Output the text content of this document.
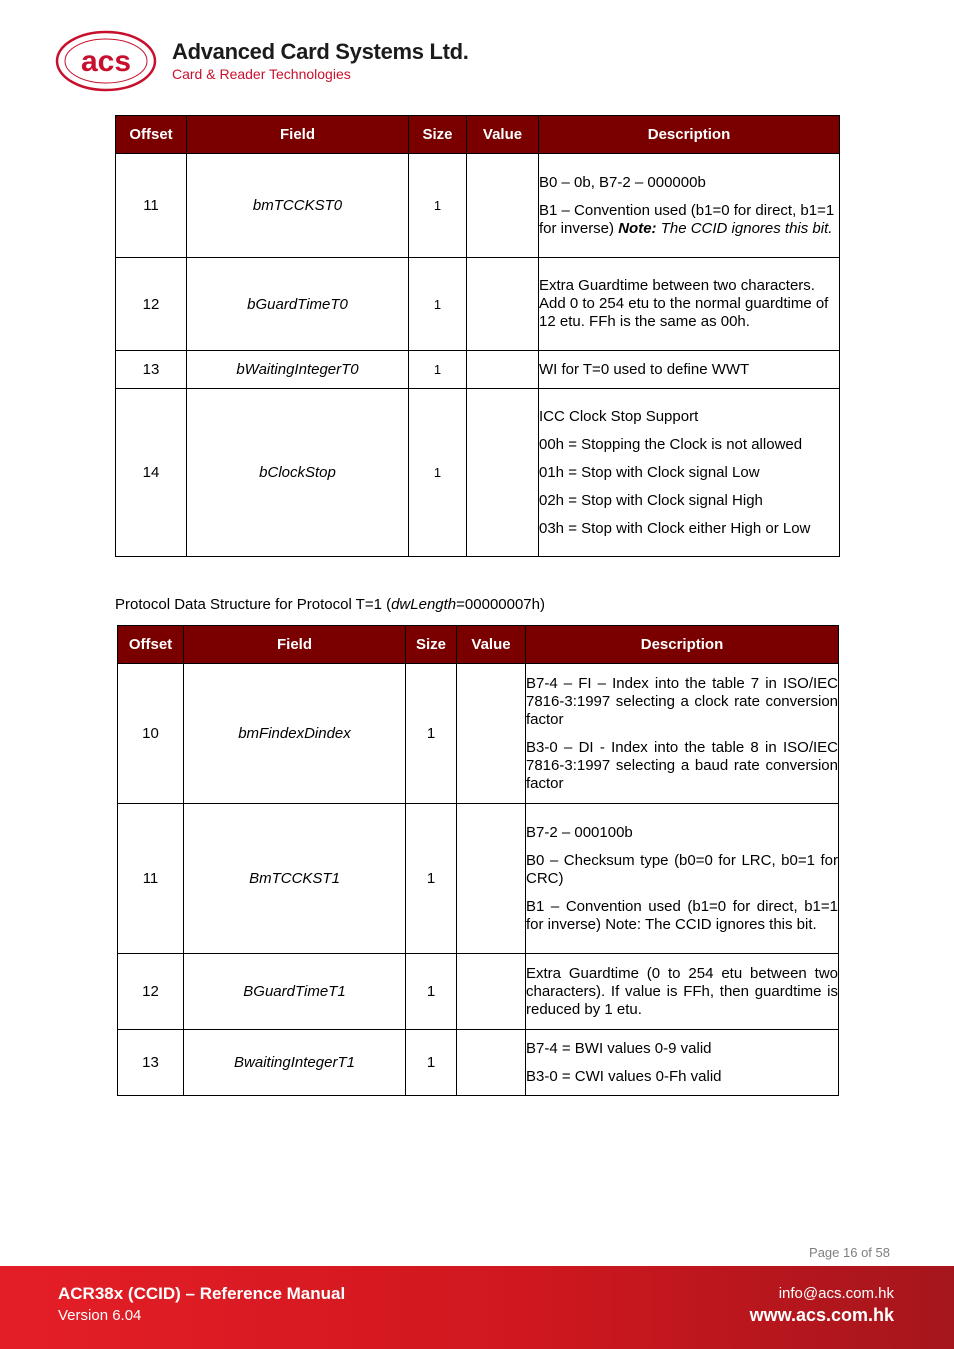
acs Advanced Card Systems Ltd.
Card & Reader Technologies
Offset	Field	Size	Value	Description
11	bmTCCKST0	1		B0 – 0b, B7-2 – 000000b

B1 – Convention used (b1=0 for direct, b1=1 for inverse) Note: The CCID ignores this bit.

12	bGuardTimeT0	1		Extra Guardtime between two characters. Add 0 to 254 etu to the normal guardtime of 12 etu. FFh is the same as 00h.

13	bWaitingIntegerT0	1		WI for T=0 used to define WWT

14	bClockStop	1		ICC Clock Stop Support

00h = Stopping the Clock is not allowed

01h = Stop with Clock signal Low

02h = Stop with Clock signal High

03h = Stop with Clock either High or Low

Protocol Data Structure for Protocol T=1 (dwLength=00000007h)
Offset	Field	Size	Value	Description
10	bmFindexDindex	1		B7-4 – FI – Index into the table 7 in ISO/IEC 7816-3:1997 selecting a clock rate conversion factor

B3-0 – DI - Index into the table 8 in ISO/IEC 7816-3:1997 selecting a baud rate conversion factor

11	BmTCCKST1	1		B7-2 – 000100b

B0 – Checksum type (b0=0 for LRC, b0=1 for CRC)

B1 – Convention used (b1=0 for direct, b1=1 for inverse) Note: The CCID ignores this bit.

12	BGuardTimeT1	1		Extra Guardtime (0 to 254 etu between two characters). If value is FFh, then guardtime is reduced by 1 etu.

13	BwaitingIntegerT1	1		B7-4 = BWI values 0-9 valid

B3-0 = CWI values 0-Fh valid

Page 16 of 58
ACR38x (CCID) – Reference Manual
Version 6.04
info@acs.com.hk
www.acs.com.hk
